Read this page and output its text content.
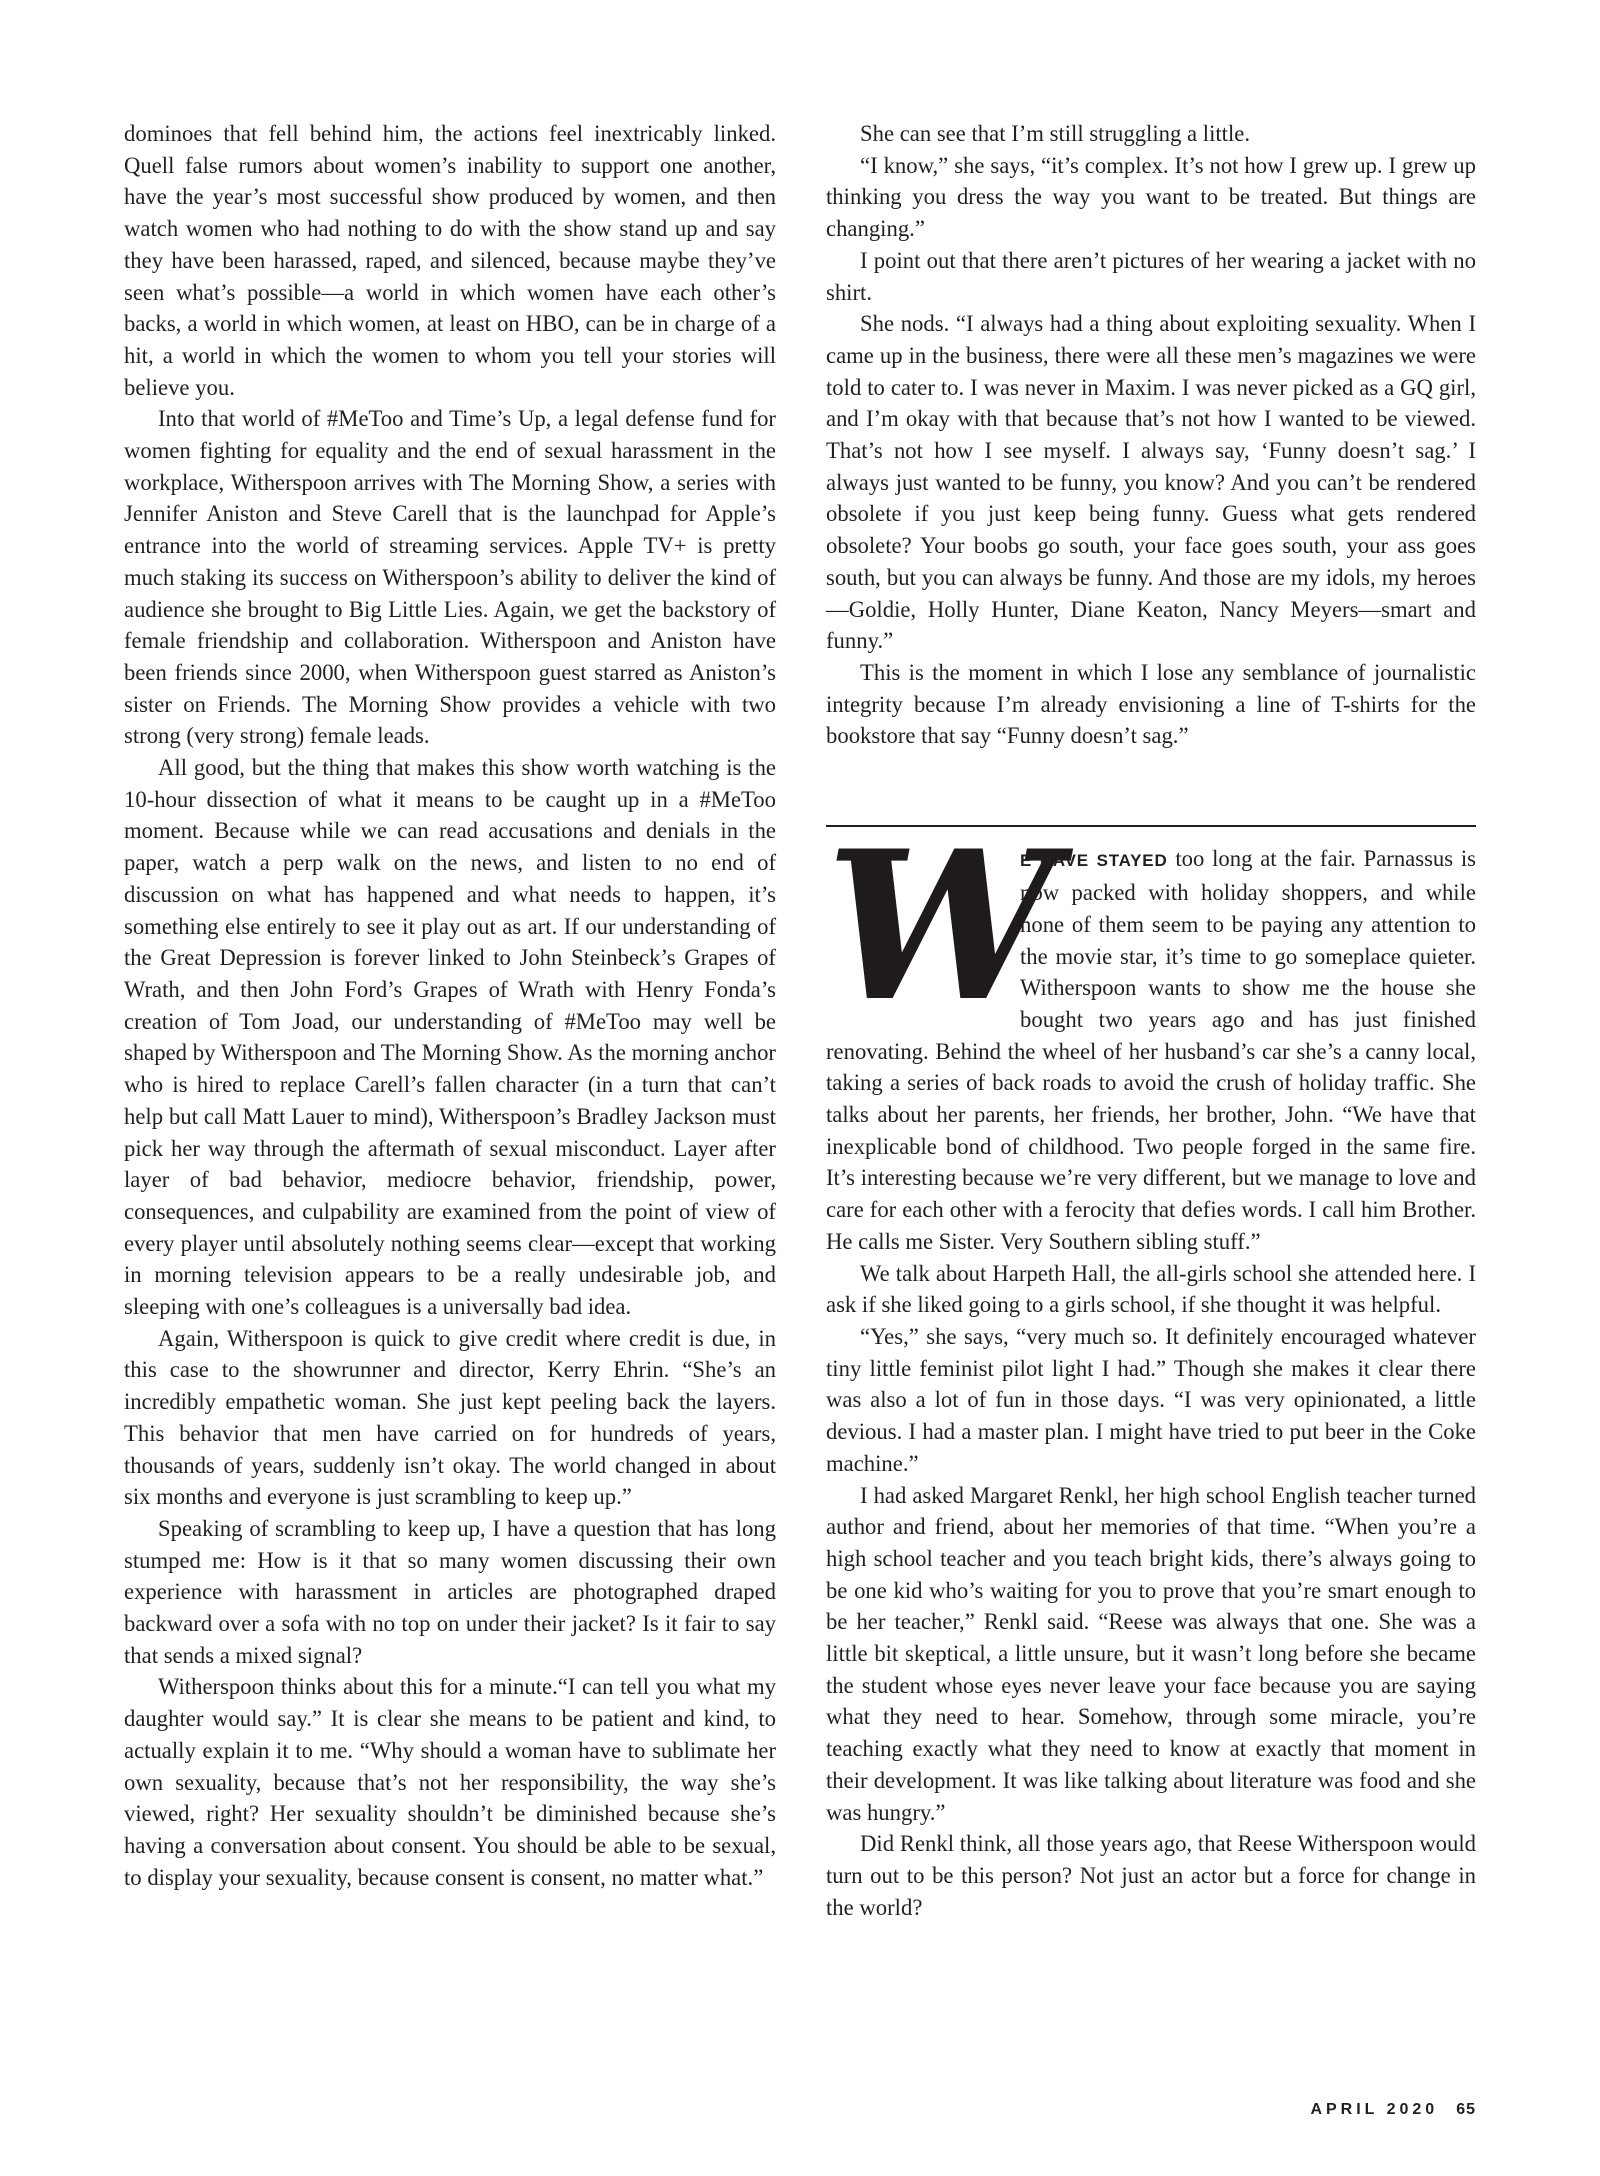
dominoes that fell behind him, the actions feel inextricably linked. Quell false rumors about women’s inability to support one another, have the year’s most successful show produced by women, and then watch women who had nothing to do with the show stand up and say they have been harassed, raped, and silenced, because maybe they’ve seen what’s possible—a world in which women have each other’s backs, a world in which women, at least on HBO, can be in charge of a hit, a world in which the women to whom you tell your stories will believe you.

Into that world of #MeToo and Time’s Up, a legal defense fund for women fighting for equality and the end of sexual harassment in the workplace, Witherspoon arrives with The Morning Show, a series with Jennifer Aniston and Steve Carell that is the launchpad for Apple’s entrance into the world of streaming services. Apple TV+ is pretty much staking its success on Witherspoon’s ability to deliver the kind of audience she brought to Big Little Lies. Again, we get the backstory of female friendship and collaboration. Witherspoon and Aniston have been friends since 2000, when Witherspoon guest starred as Aniston’s sister on Friends. The Morning Show provides a vehicle with two strong (very strong) female leads.

All good, but the thing that makes this show worth watching is the 10-hour dissection of what it means to be caught up in a #MeToo moment. Because while we can read accusations and denials in the paper, watch a perp walk on the news, and listen to no end of discussion on what has happened and what needs to happen, it’s something else entirely to see it play out as art. If our understanding of the Great Depression is forever linked to John Steinbeck’s Grapes of Wrath, and then John Ford’s Grapes of Wrath with Henry Fonda’s creation of Tom Joad, our understanding of #MeToo may well be shaped by Witherspoon and The Morning Show. As the morning anchor who is hired to replace Carell’s fallen character (in a turn that can’t help but call Matt Lauer to mind), Witherspoon’s Bradley Jackson must pick her way through the aftermath of sexual misconduct. Layer after layer of bad behavior, mediocre behavior, friendship, power, consequences, and culpability are examined from the point of view of every player until absolutely nothing seems clear—except that working in morning television appears to be a really undesirable job, and sleeping with one’s colleagues is a universally bad idea.

Again, Witherspoon is quick to give credit where credit is due, in this case to the showrunner and director, Kerry Ehrin. “She’s an incredibly empathetic woman. She just kept peeling back the layers. This behavior that men have carried on for hundreds of years, thousands of years, suddenly isn’t okay. The world changed in about six months and everyone is just scrambling to keep up.”

Speaking of scrambling to keep up, I have a question that has long stumped me: How is it that so many women discussing their own experience with harassment in articles are photographed draped backward over a sofa with no top on under their jacket? Is it fair to say that sends a mixed signal?

Witherspoon thinks about this for a minute.“I can tell you what my daughter would say.” It is clear she means to be patient and kind, to actually explain it to me. “Why should a woman have to sublimate her own sexuality, because that’s not her responsibility, the way she’s viewed, right? Her sexuality shouldn’t be diminished because she’s having a conversation about consent. You should be able to be sexual, to display your sexuality, because consent is consent, no matter what.”

She can see that I’m still struggling a little.

“I know,” she says, “it’s complex. It’s not how I grew up. I grew up thinking you dress the way you want to be treated. But things are changing.”

I point out that there aren’t pictures of her wearing a jacket with no shirt.

She nods. “I always had a thing about exploiting sexuality. When I came up in the business, there were all these men’s magazines we were told to cater to. I was never in Maxim. I was never picked as a GQ girl, and I’m okay with that because that’s not how I wanted to be viewed. That’s not how I see myself. I always say, ‘Funny doesn’t sag.’ I always just wanted to be funny, you know? And you can’t be rendered obsolete if you just keep being funny. Guess what gets rendered obsolete? Your boobs go south, your face goes south, your ass goes south, but you can always be funny. And those are my idols, my heroes—Goldie, Holly Hunter, Diane Keaton, Nancy Meyers—smart and funny.”

This is the moment in which I lose any semblance of journalistic integrity because I’m already envisioning a line of T-shirts for the bookstore that say “Funny doesn’t sag.”

W
E HAVE STAYED too long at the fair. Parnassus is now packed with holiday shoppers, and while none of them seem to be paying any attention to the movie star, it’s time to go someplace quieter. Witherspoon wants to show me the house she bought two years ago and has just finished renovating. Behind the wheel of her husband’s car she’s a canny local, taking a series of back roads to avoid the crush of holiday traffic. She talks about her parents, her friends, her brother, John. “We have that inexplicable bond of childhood. Two people forged in the same fire. It’s interesting because we’re very different, but we manage to love and care for each other with a ferocity that defies words. I call him Brother. He calls me Sister. Very Southern sibling stuff.”

We talk about Harpeth Hall, the all-girls school she attended here. I ask if she liked going to a girls school, if she thought it was helpful.

“Yes,” she says, “very much so. It definitely encouraged whatever tiny little feminist pilot light I had.” Though she makes it clear there was also a lot of fun in those days. “I was very opinionated, a little devious. I had a master plan. I might have tried to put beer in the Coke machine.”

I had asked Margaret Renkl, her high school English teacher turned author and friend, about her memories of that time. “When you’re a high school teacher and you teach bright kids, there’s always going to be one kid who’s waiting for you to prove that you’re smart enough to be her teacher,” Renkl said. “Reese was always that one. She was a little bit skeptical, a little unsure, but it wasn’t long before she became the student whose eyes never leave your face because you are saying what they need to hear. Somehow, through some miracle, you’re teaching exactly what they need to know at exactly that moment in their development. It was like talking about literature was food and she was hungry.”

Did Renkl think, all those years ago, that Reese Witherspoon would turn out to be this person? Not just an actor but a force for change in the world?

APRIL 2020 65
